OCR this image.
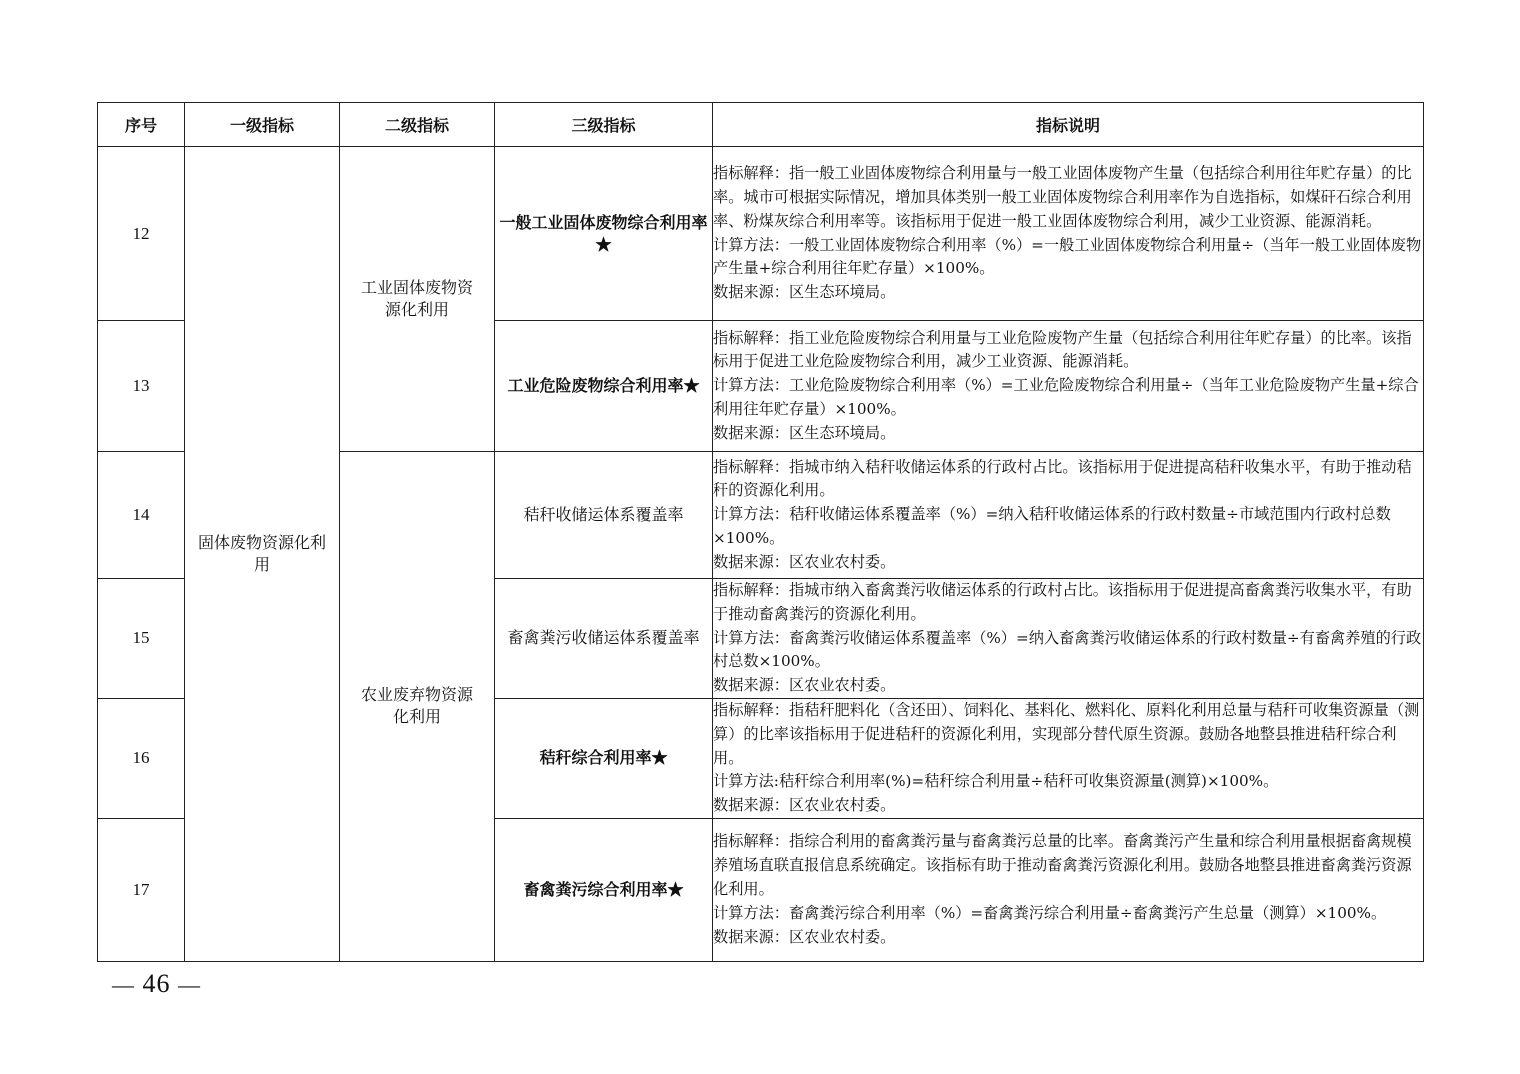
序号	一级指标	二级指标	三级指标	指标说明
12	固体废物资源化利用	工业固体废物资源化利用	一般工业固体废物综合利用率★	指标解释：指一般工业固体废物综合利用量与一般工业固体废物产生量（包括综合利用往年贮存量）的比率。城市可根据实际情况，增加具体类别一般工业固体废物综合利用率作为自选指标，如煤矸石综合利用率、粉煤灰综合利用率等。该指标用于促进一般工业固体废物综合利用，减少工业资源、能源消耗。
计算方法：一般工业固体废物综合利用率（%）=一般工业固体废物综合利用量÷（当年一般工业固体废物产生量+综合利用往年贮存量）×100%。
数据来源：区生态环境局。

13			工业危险废物综合利用率★	指标解释：指工业危险废物综合利用量与工业危险废物产生量（包括综合利用往年贮存量）的比率。该指标用于促进工业危险废物综合利用，减少工业资源、能源消耗。
计算方法：工业危险废物综合利用率（%）=工业危险废物综合利用量÷（当年工业危险废物产生量+综合利用往年贮存量）×100%。
数据来源：区生态环境局。

14		农业废弃物资源化利用	秸秆收储运体系覆盖率	指标解释：指城市纳入秸秆收储运体系的行政村占比。该指标用于促进提高秸秆收集水平，有助于推动秸秆的资源化利用。
计算方法：秸秆收储运体系覆盖率（%）=纳入秸秆收储运体系的行政村数量÷市域范围内行政村总数×100%。
数据来源：区农业农村委。

15			畜禽粪污收储运体系覆盖率	指标解释：指城市纳入畜禽粪污收储运体系的行政村占比。该指标用于促进提高畜禽粪污收集水平，有助于推动畜禽粪污的资源化利用。
计算方法：畜禽粪污收储运体系覆盖率（%）=纳入畜禽粪污收储运体系的行政村数量÷有畜禽养殖的行政村总数×100%。
数据来源：区农业农村委。

16			秸秆综合利用率★	指标解释：指秸秆肥料化（含还田）、饲料化、基料化、燃料化、原料化利用总量与秸秆可收集资源量（测算）的比率该指标用于促进秸秆的资源化利用，实现部分替代原生资源。鼓励各地整县推进秸秆综合利用。
计算方法:秸秆综合利用率(%)=秸秆综合利用量÷秸秆可收集资源量(测算)×100%。
数据来源：区农业农村委。

17			畜禽粪污综合利用率★	指标解释：指综合利用的畜禽粪污量与畜禽粪污总量的比率。畜禽粪污产生量和综合利用量根据畜禽规模养殖场直联直报信息系统确定。该指标有助于推动畜禽粪污资源化利用。鼓励各地整县推进畜禽粪污资源化利用。
计算方法：畜禽粪污综合利用率（%）=畜禽粪污综合利用量÷畜禽粪污产生总量（测算）×100%。
数据来源：区农业农村委。
— 46 —
